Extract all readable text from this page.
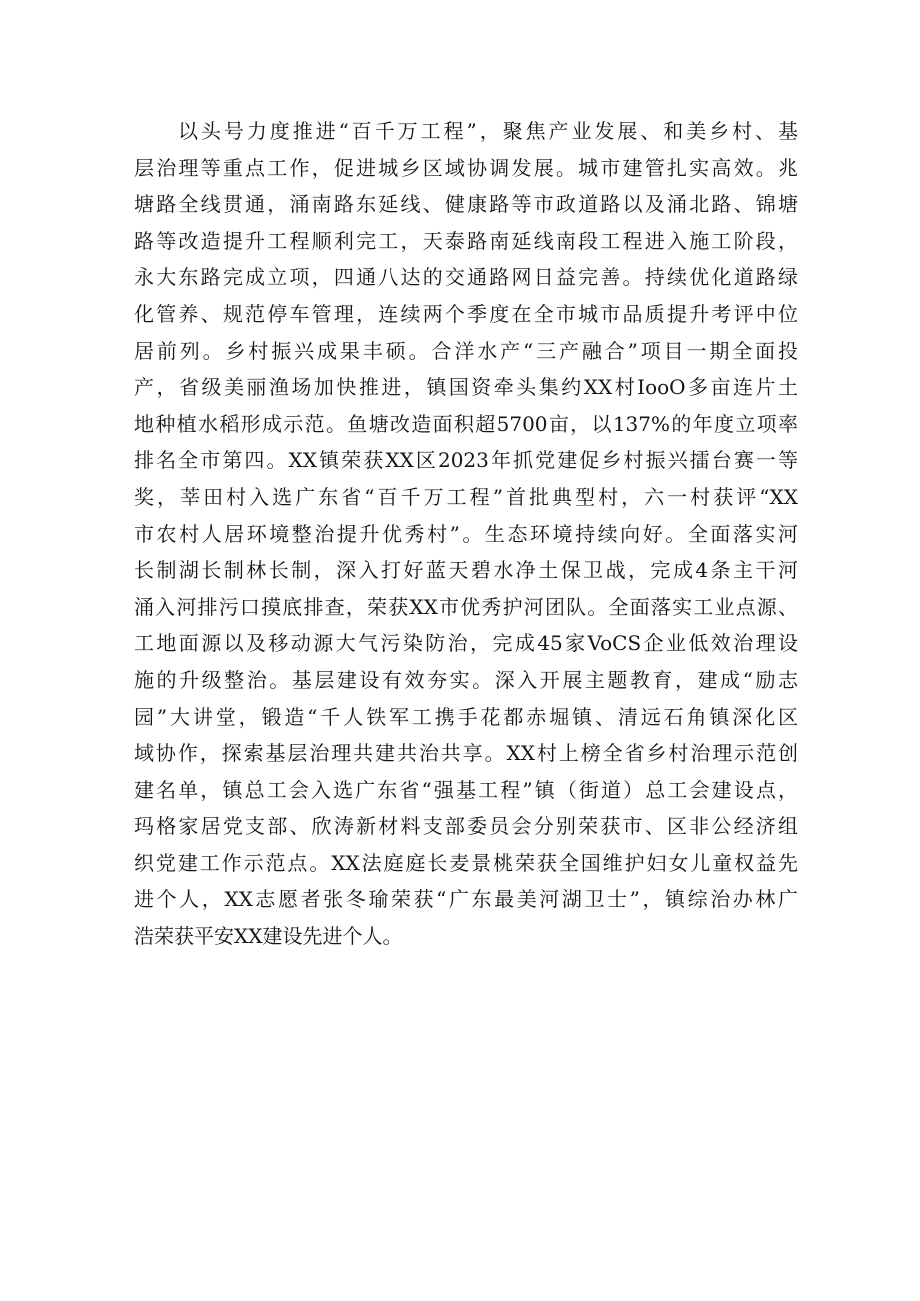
以头号力度推进“百千万工程”，聚焦产业发展、和美乡村、基
层治理等重点工作，促进城乡区域协调发展。城市建管扎实高效。兆
塘路全线贯通，涌南路东延线、健康路等市政道路以及涌北路、锦塘
路等改造提升工程顺利完工，天泰路南延线南段工程进入施工阶段，
永大东路完成立项，四通八达的交通路网日益完善。持续优化道路绿
化管养、规范停车管理，连续两个季度在全市城市品质提升考评中位
居前列。乡村振兴成果丰硕。合洋水产“三产融合”项目一期全面投
产，省级美丽渔场加快推进，镇国资牵头集约XX村IooO多亩连片土
地种植水稻形成示范。鱼塘改造面积超5700亩，以137%的年度立项率
排名全市第四。XX镇荣获XX区2023年抓党建促乡村振兴擂台赛一等
奖，莘田村入选广东省“百千万工程”首批典型村，六一村获评“XX
市农村人居环境整治提升优秀村”。生态环境持续向好。全面落实河
长制湖长制林长制，深入打好蓝天碧水净土保卫战，完成4条主干河
涌入河排污口摸底排查，荣获XX市优秀护河团队。全面落实工业点源、
工地面源以及移动源大气污染防治，完成45家VoCS企业低效治理设
施的升级整治。基层建设有效夯实。深入开展主题教育，建成“励志
园”大讲堂，锻造“千人铁军工携手花都赤堀镇、清远石角镇深化区
域协作，探索基层治理共建共治共享。XX村上榜全省乡村治理示范创
建名单，镇总工会入选广东省“强基工程”镇（街道）总工会建设点，
玛格家居党支部、欣涛新材料支部委员会分别荣获市、区非公经济组
织党建工作示范点。XX法庭庭长麦景桃荣获全国维护妇女儿童权益先
进个人，XX志愿者张冬瑜荣获“广东最美河湖卫士”，镇综治办林广
浩荣获平安XX建设先进个人。
